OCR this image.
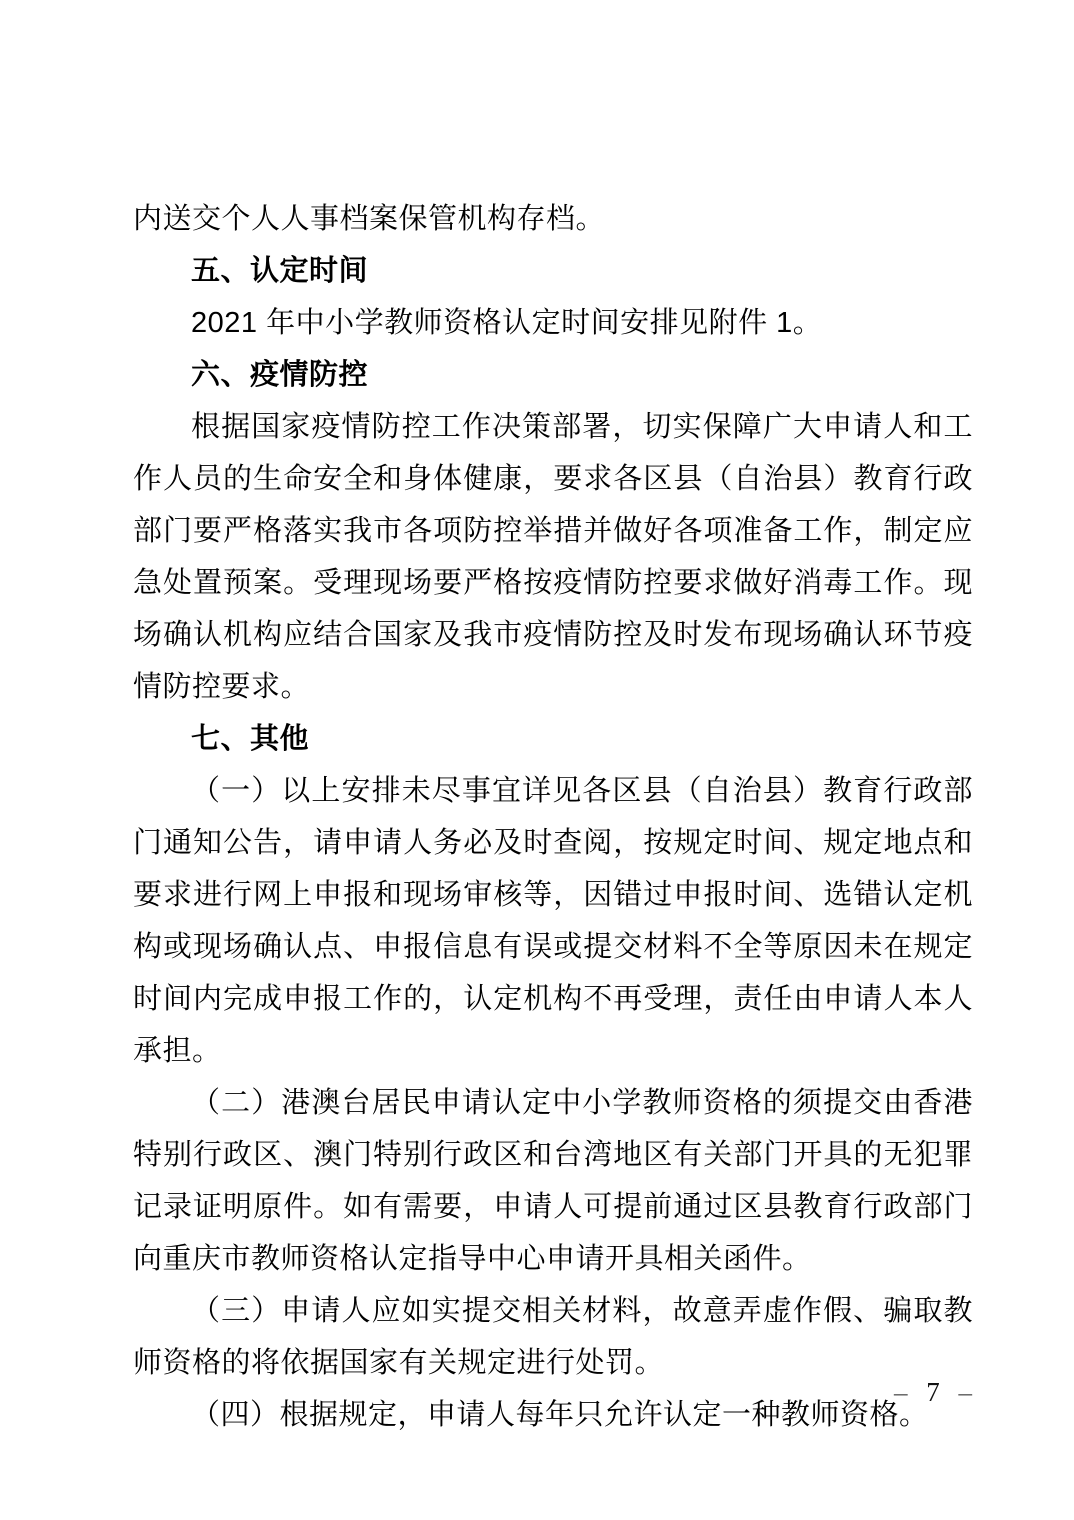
内送交个人人事档案保管机构存档。

五、认定时间

2021 年中小学教师资格认定时间安排见附件 1。

六、疫情防控

根据国家疫情防控工作决策部署，切实保障广大申请人和工作人员的生命安全和身体健康，要求各区县（自治县）教育行政部门要严格落实我市各项防控举措并做好各项准备工作，制定应急处置预案。受理现场要严格按疫情防控要求做好消毒工作。现场确认机构应结合国家及我市疫情防控及时发布现场确认环节疫情防控要求。

七、其他

（一）以上安排未尽事宜详见各区县（自治县）教育行政部门通知公告，请申请人务必及时查阅，按规定时间、规定地点和要求进行网上申报和现场审核等，因错过申报时间、选错认定机构或现场确认点、申报信息有误或提交材料不全等原因未在规定时间内完成申报工作的，认定机构不再受理，责任由申请人本人承担。

（二）港澳台居民申请认定中小学教师资格的须提交由香港特别行政区、澳门特别行政区和台湾地区有关部门开具的无犯罪记录证明原件。如有需要，申请人可提前通过区县教育行政部门向重庆市教师资格认定指导中心申请开具相关函件。

（三）申请人应如实提交相关材料，故意弄虚作假、骗取教师资格的将依据国家有关规定进行处罚。

（四）根据规定，申请人每年只允许认定一种教师资格。

– 7 –
